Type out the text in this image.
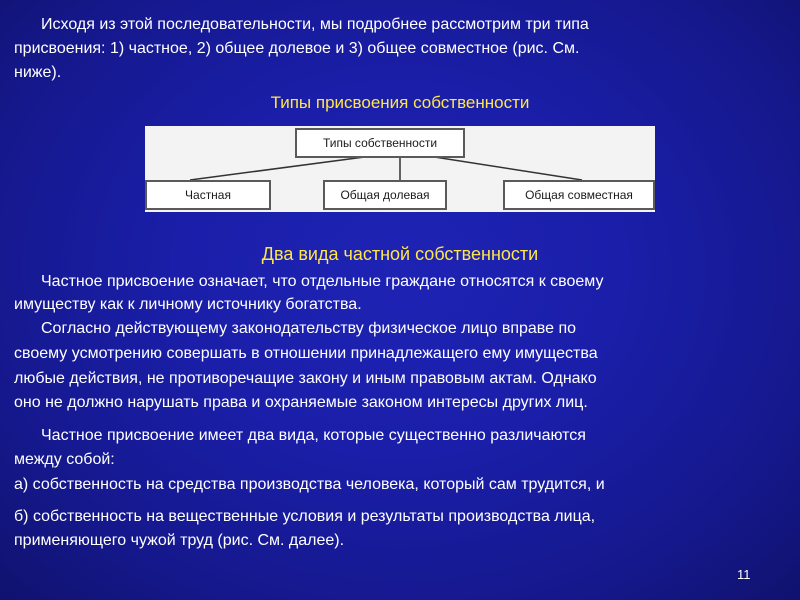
Исходя из этой последовательности, мы подробнее рассмотрим три типа
присвоения: 1) частное, 2) общее долевое и 3) общее совместное (рис. См.
ниже).
Типы присвоения собственности
Типы собственности
Частная	Общая долевая	Общая совместная
Два вида частной собственности
Частное присвоение означает, что отдельные граждане относятся к своему
имуществу как к личному источнику богатства.
Согласно действующему законодательству физическое лицо вправе по
своему усмотрению совершать в отношении принадлежащего ему имущества
любые действия, не противоречащие закону и иным правовым актам. Однако
оно не должно нарушать права и охраняемые законом интересы других лиц.
Частное присвоение имеет два вида, которые существенно различаются
между собой:
а) собственность на средства производства человека, который сам трудится, и
б) собственность на вещественные условия и результаты производства лица,
применяющего чужой труд (рис. См. далее).
11
